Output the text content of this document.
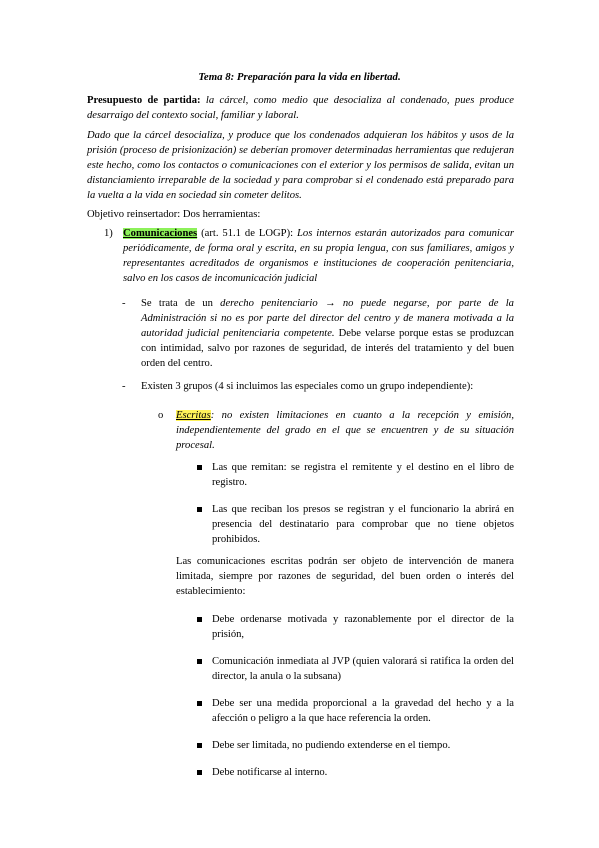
Tema 8: Preparación para la vida en libertad.
Presupuesto de partida: la cárcel, como medio que desocializa al condenado, pues produce desarraigo del contexto social, familiar y laboral.
Dado que la cárcel desocializa, y produce que los condenados adquieran los hábitos y usos de la prisión (proceso de prisionización) se deberían promover determinadas herramientas que redujeran este hecho, como los contactos o comunicaciones con el exterior y los permisos de salida, evitan un distanciamiento irreparable de la sociedad y para comprobar si el condenado está preparado para la vuelta a la vida en sociedad sin cometer delitos.
Objetivo reinsertador: Dos herramientas:
1) Comunicaciones (art. 51.1 de LOGP): Los internos estarán autorizados para comunicar periódicamente, de forma oral y escrita, en su propia lengua, con sus familiares, amigos y representantes acreditados de organismos e instituciones de cooperación penitenciaria, salvo en los casos de incomunicación judicial
- Se trata de un derecho penitenciario → no puede negarse, por parte de la Administración si no es por parte del director del centro y de manera motivada a la autoridad judicial penitenciaria competente. Debe velarse porque estas se produzcan con intimidad, salvo por razones de seguridad, de interés del tratamiento y del buen orden del centro.
- Existen 3 grupos (4 si incluimos las especiales como un grupo independiente):
o Escritas: no existen limitaciones en cuanto a la recepción y emisión, independientemente del grado en el que se encuentren y de su situación procesal.
Las que remitan: se registra el remitente y el destino en el libro de registro.
Las que reciban los presos se registran y el funcionario la abrirá en presencia del destinatario para comprobar que no tiene objetos prohibidos.
Las comunicaciones escritas podrán ser objeto de intervención de manera limitada, siempre por razones de seguridad, del buen orden o interés del establecimiento:
Debe ordenarse motivada y razonablemente por el director de la prisión,
Comunicación inmediata al JVP (quien valorará si ratifica la orden del director, la anula o la subsana)
Debe ser una medida proporcional a la gravedad del hecho y a la afección o peligro a la que hace referencia la orden.
Debe ser limitada, no pudiendo extenderse en el tiempo.
Debe notificarse al interno.
